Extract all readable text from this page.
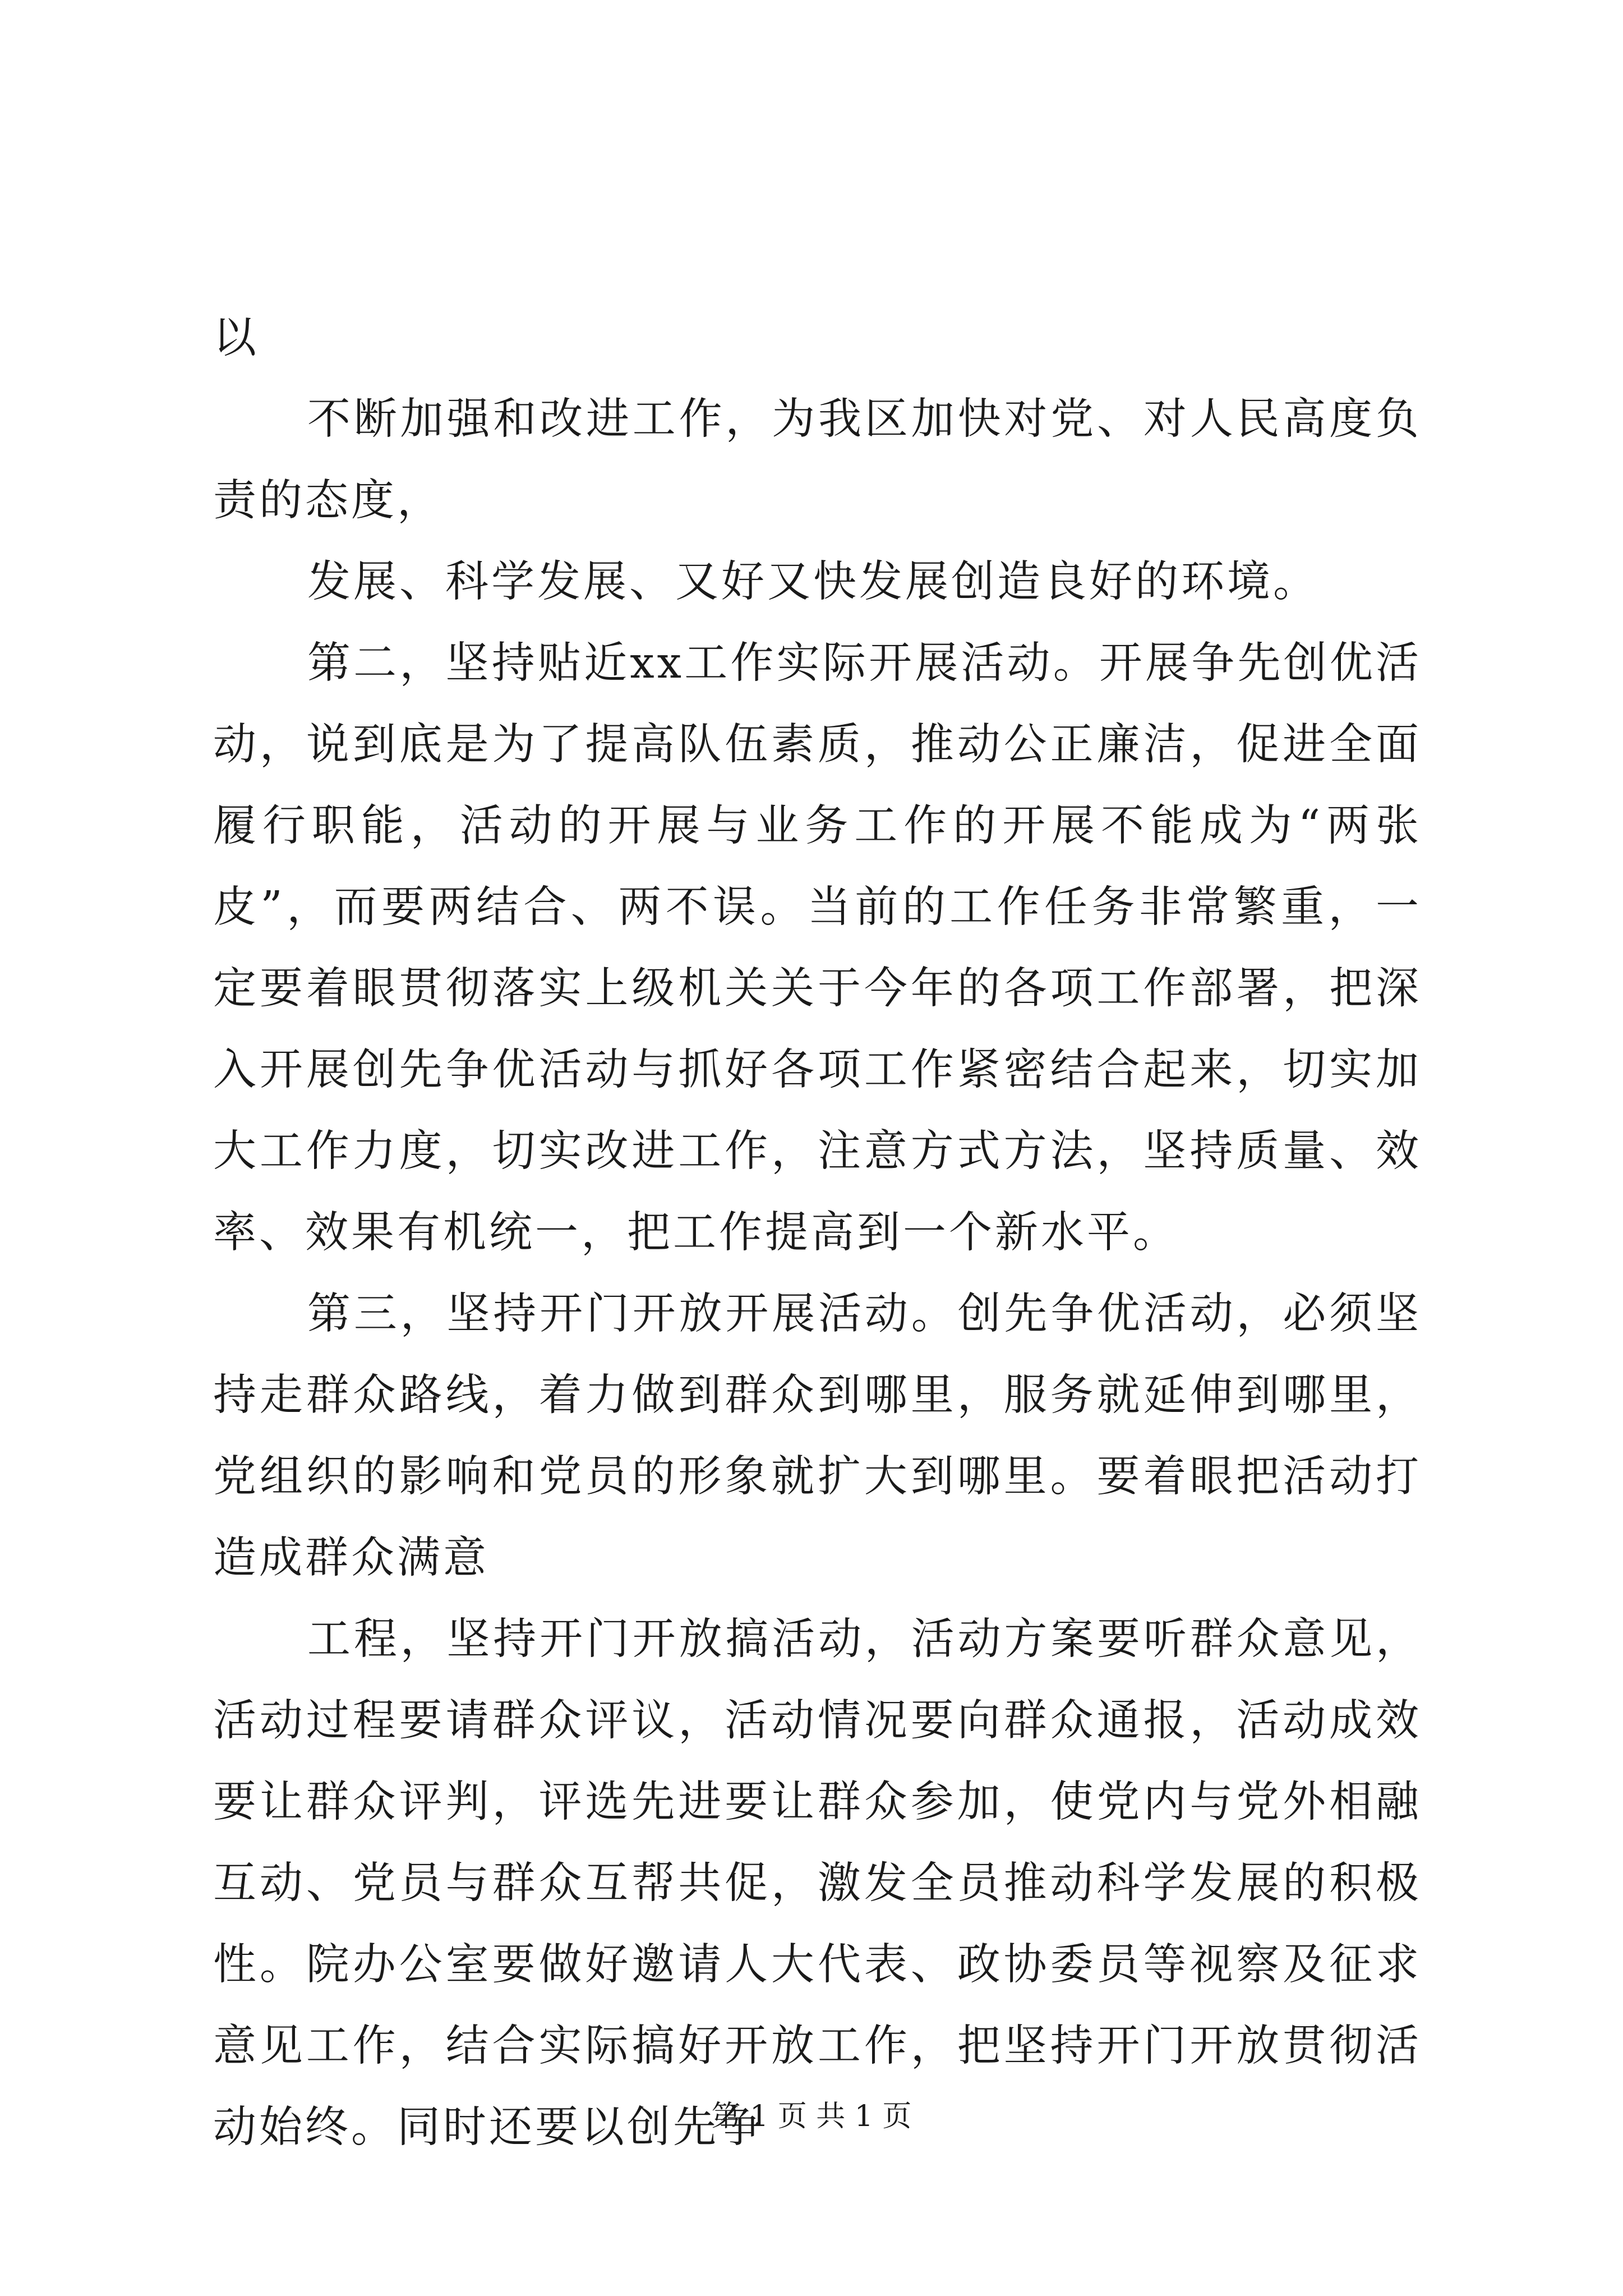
以

不断加强和改进工作，为我区加快对党、对人民高度负责的态度，

发展、科学发展、又好又快发展创造良好的环境。

第二，坚持贴近xx工作实际开展活动。开展争先创优活动，说到底是为了提高队伍素质，推动公正廉洁，促进全面履行职能，活动的开展与业务工作的开展不能成为“两张皮”，而要两结合、两不误。当前的工作任务非常繁重，一定要着眼贯彻落实上级机关关于今年的各项工作部署，把深入开展创先争优活动与抓好各项工作紧密结合起来，切实加大工作力度，切实改进工作，注意方式方法，坚持质量、效率、效果有机统一，把工作提高到一个新水平。

第三，坚持开门开放开展活动。创先争优活动，必须坚持走群众路线，着力做到群众到哪里，服务就延伸到哪里，党组织的影响和党员的形象就扩大到哪里。要着眼把活动打造成群众满意

工程，坚持开门开放搞活动，活动方案要听群众意见，活动过程要请群众评议，活动情况要向群众通报，活动成效要让群众评判，评选先进要让群众参加，使党内与党外相融互动、党员与群众互帮共促，激发全员推动科学发展的积极性。院办公室要做好邀请人大代表、政协委员等视察及征求意见工作，结合实际搞好开放工作，把坚持开门开放贯彻活动始终。同时还要以创先争

第 1 页 共 1 页
